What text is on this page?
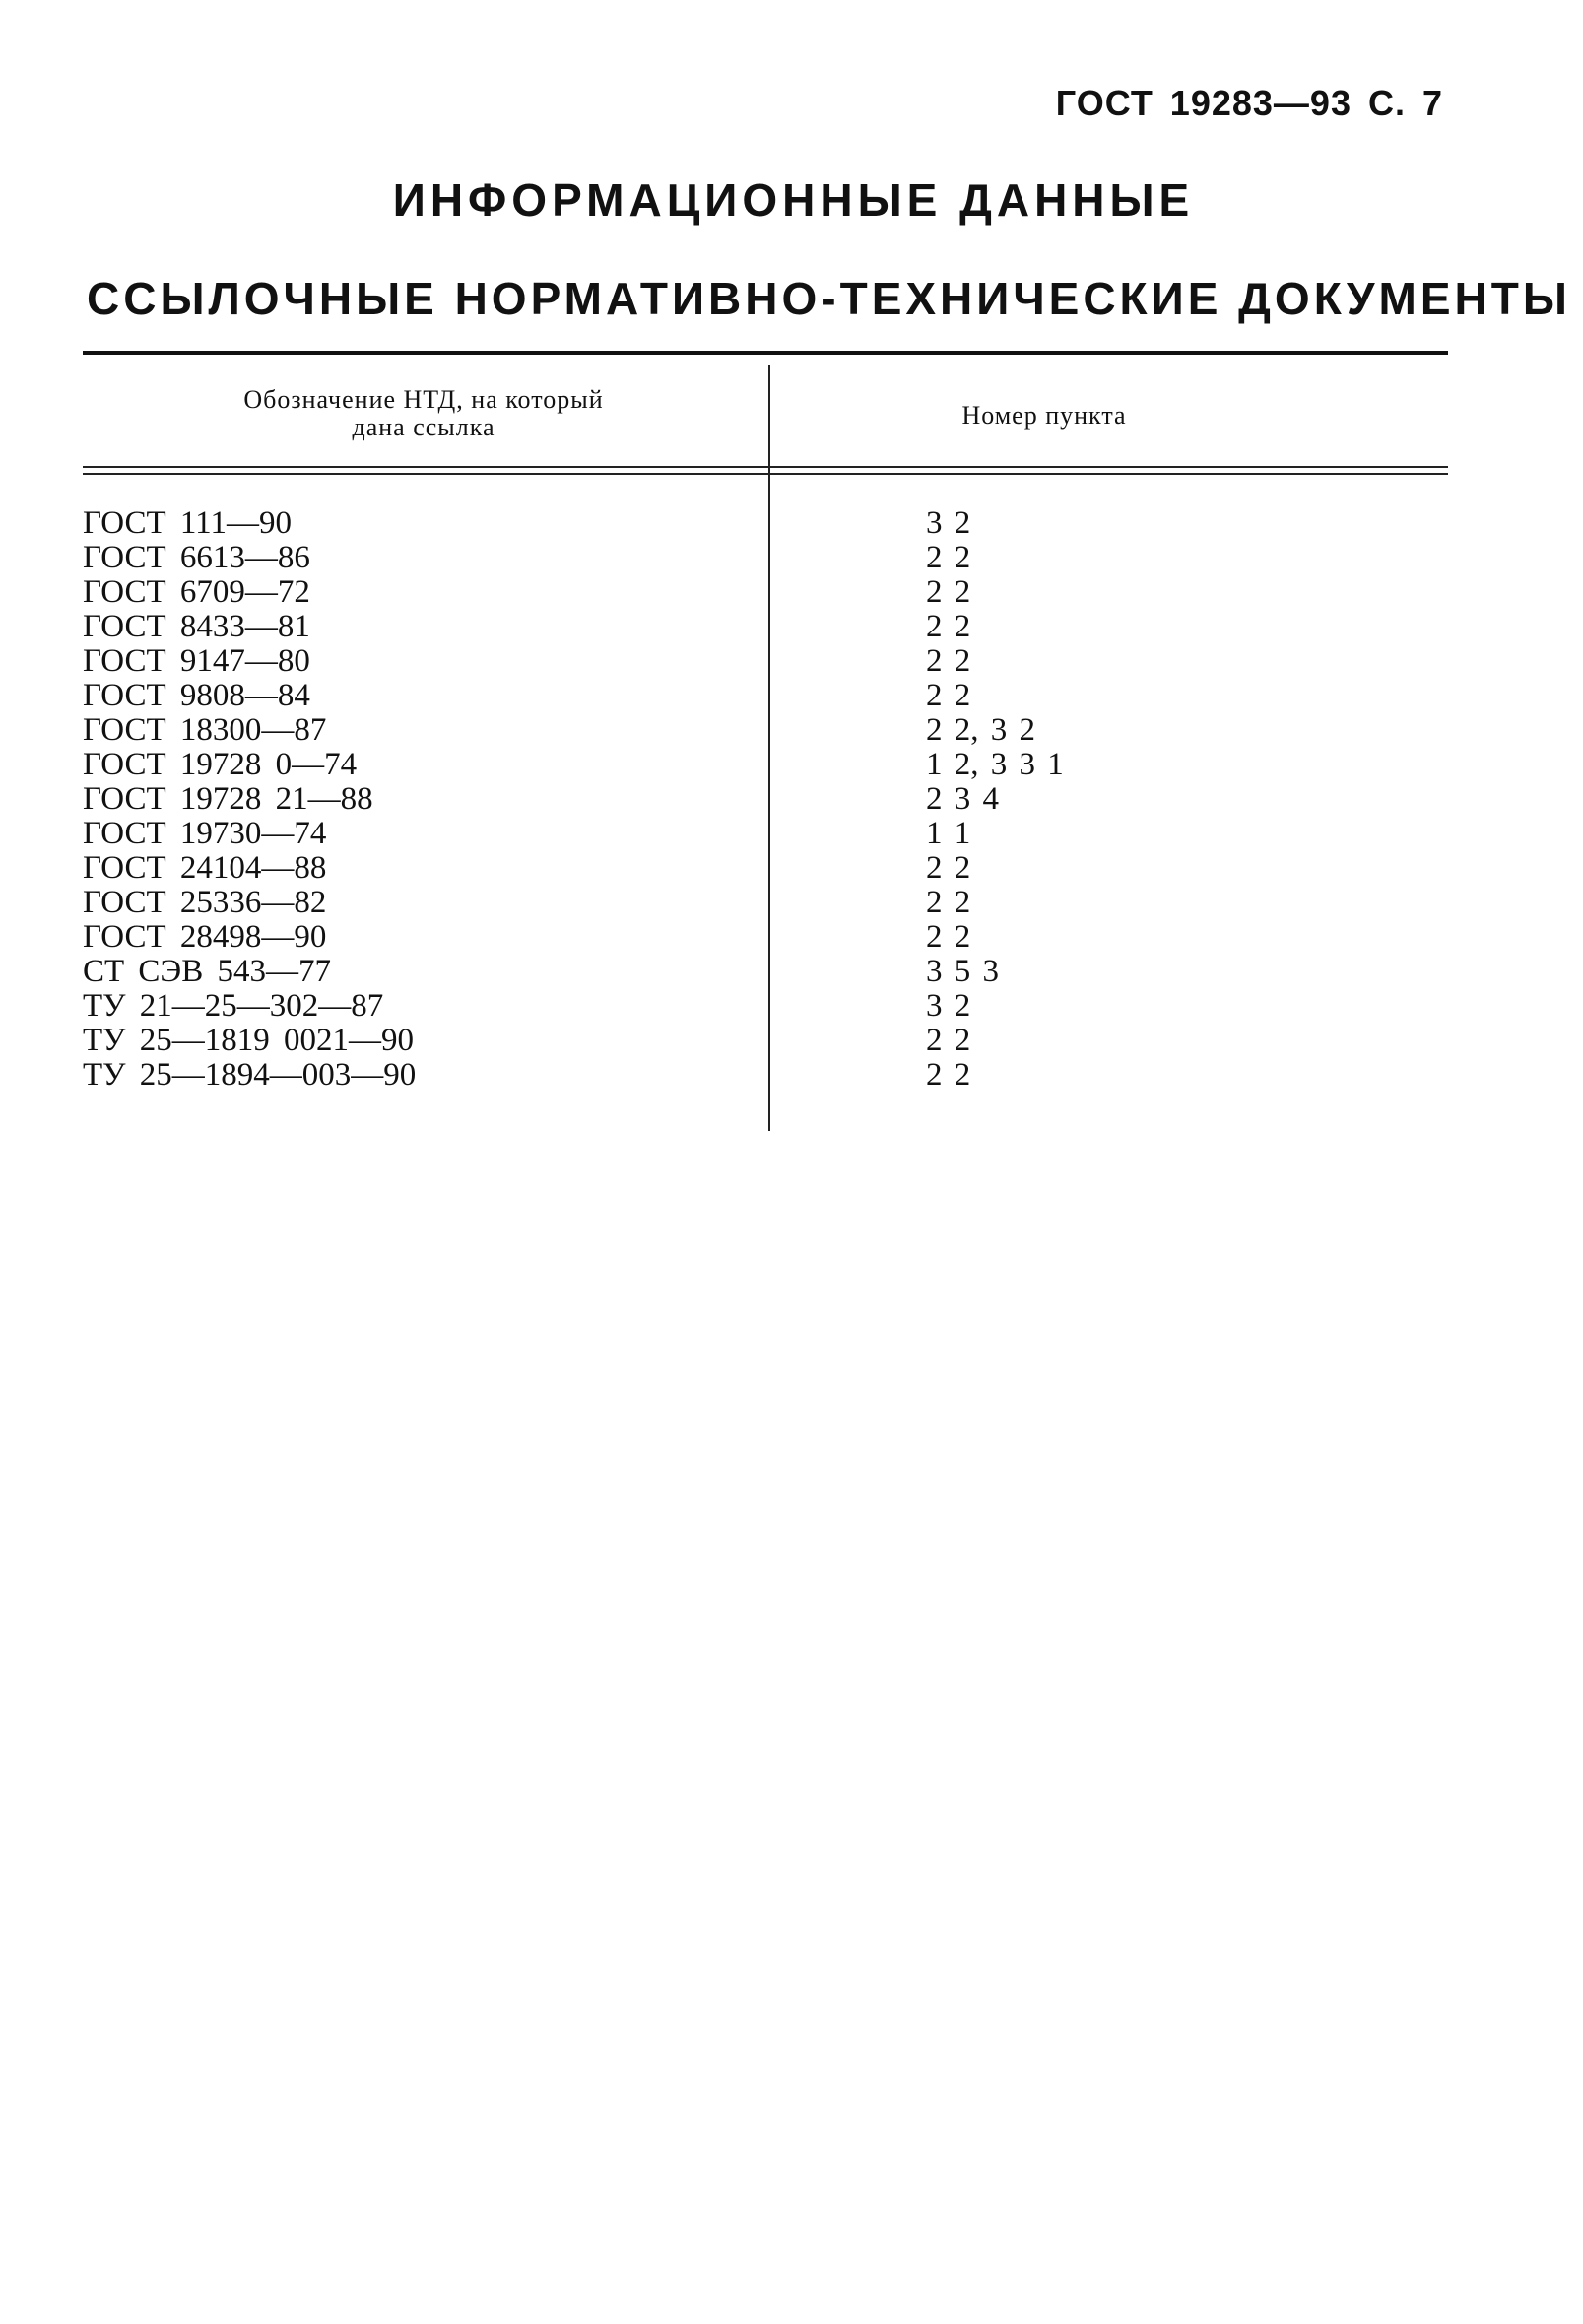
ГОСТ 19283—93 С. 7
ИНФОРМАЦИОННЫЕ ДАННЫЕ
ССЫЛОЧНЫЕ НОРМАТИВНО-ТЕХНИЧЕСКИЕ ДОКУМЕНТЫ
Обозначение НТД, на который
дана ссылка	Номер пункта
ГОСТ 111—90	3 2
ГОСТ 6613—86	2 2
ГОСТ 6709—72	2 2
ГОСТ 8433—81	2 2
ГОСТ 9147—80	2 2
ГОСТ 9808—84	2 2
ГОСТ 18300—87	2 2, 3 2
ГОСТ 19728 0—74	1 2, 3 3 1
ГОСТ 19728 21—88	2 3 4
ГОСТ 19730—74	1 1
ГОСТ 24104—88	2 2
ГОСТ 25336—82	2 2
ГОСТ 28498—90	2 2
СТ СЭВ 543—77	3 5 3
ТУ 21—25—302—87	3 2
ТУ 25—1819 0021—90	2 2
ТУ 25—1894—003—90	2 2
